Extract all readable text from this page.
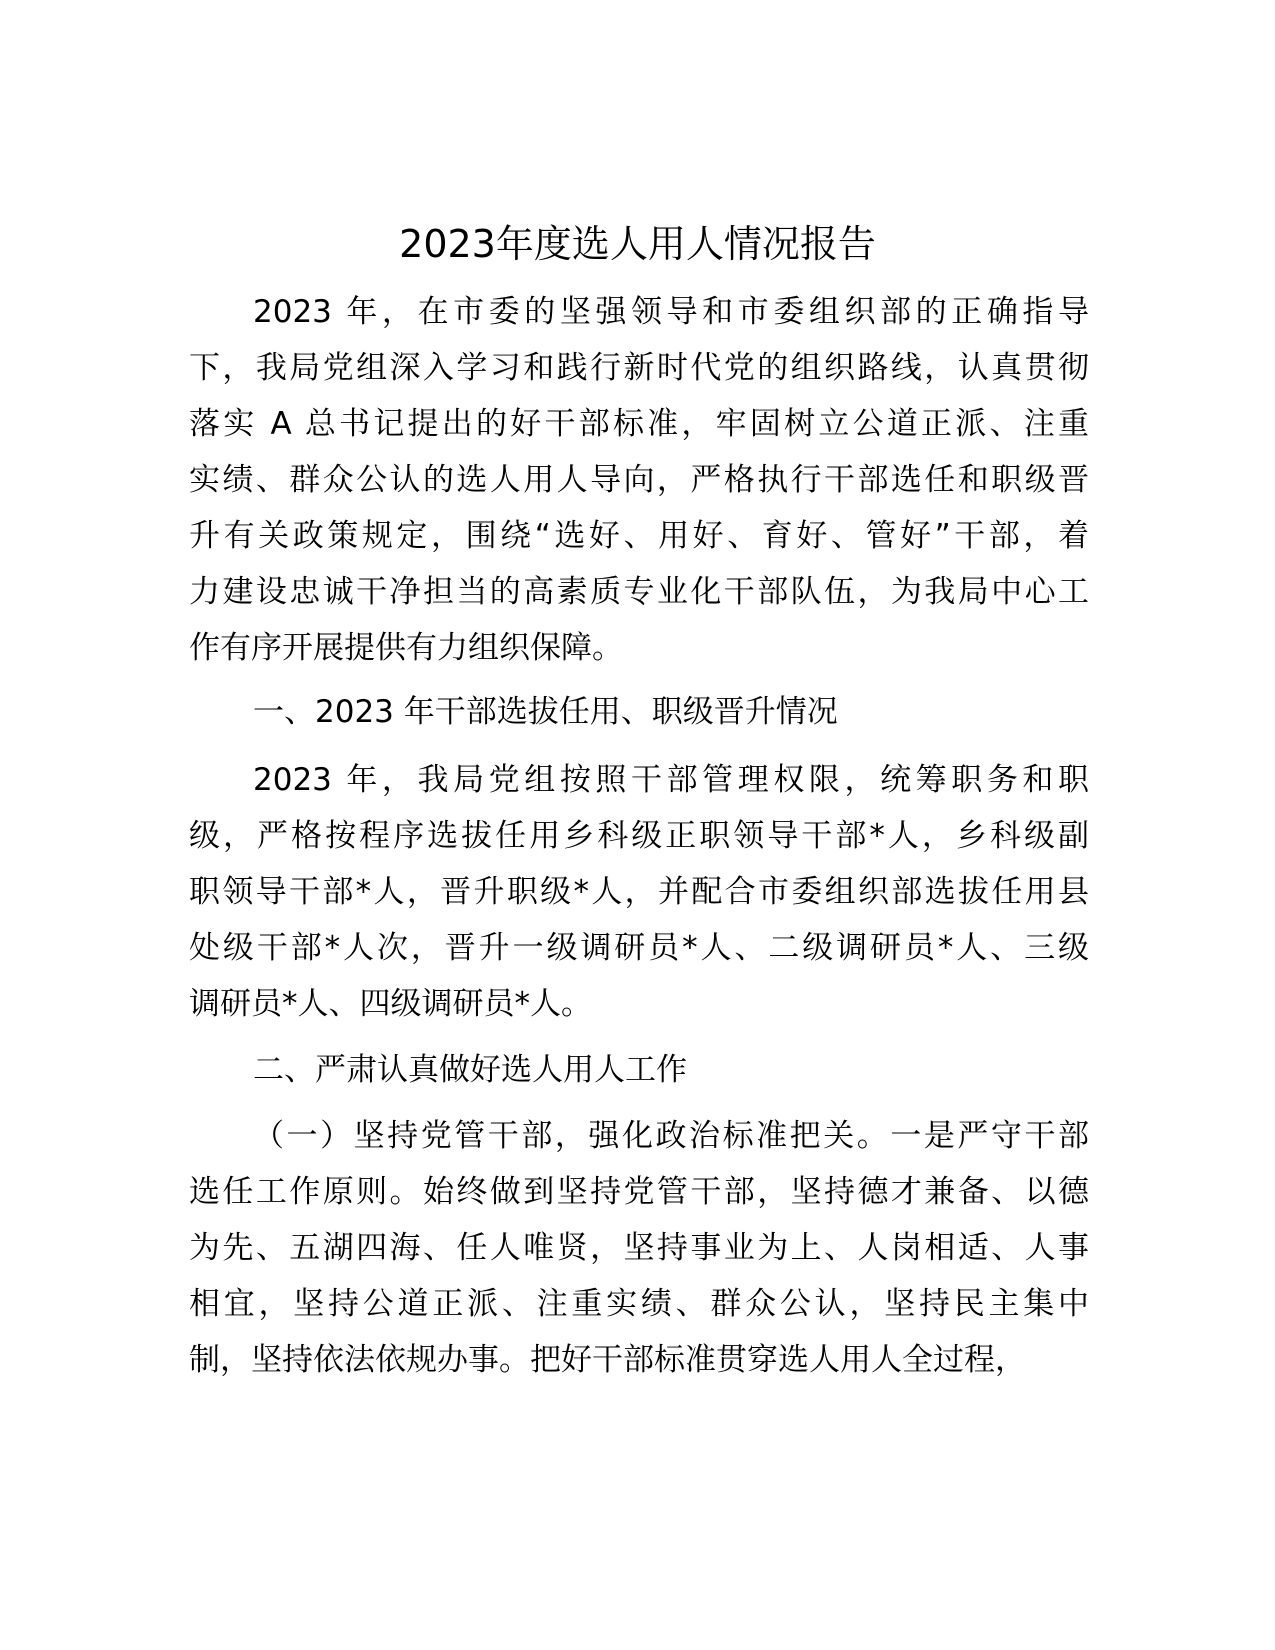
2023年度选人用人情况报告

2023 年，在市委的坚强领导和市委组织部的正确指导

下，我局党组深入学习和践行新时代党的组织路线，认真贯彻

落实 A 总书记提出的好干部标准，牢固树立公道正派、注重

实绩、群众公认的选人用人导向，严格执行干部选任和职级晋

升有关政策规定，围绕“选好、用好、育好、管好”干部，着

力建设忠诚干净担当的高素质专业化干部队伍，为我局中心工

作有序开展提供有力组织保障。

一、2023 年干部选拔任用、职级晋升情况

2023 年，我局党组按照干部管理权限，统筹职务和职

级，严格按程序选拔任用乡科级正职领导干部*人，乡科级副

职领导干部*人，晋升职级*人，并配合市委组织部选拔任用县

处级干部*人次，晋升一级调研员*人、二级调研员*人、三级

调研员*人、四级调研员*人。

二、严肃认真做好选人用人工作

（一）坚持党管干部，强化政治标准把关。一是严守干部

选任工作原则。始终做到坚持党管干部，坚持德才兼备、以德

为先、五湖四海、任人唯贤，坚持事业为上、人岗相适、人事

相宜，坚持公道正派、注重实绩、群众公认，坚持民主集中

制，坚持依法依规办事。把好干部标准贯穿选人用人全过程，
